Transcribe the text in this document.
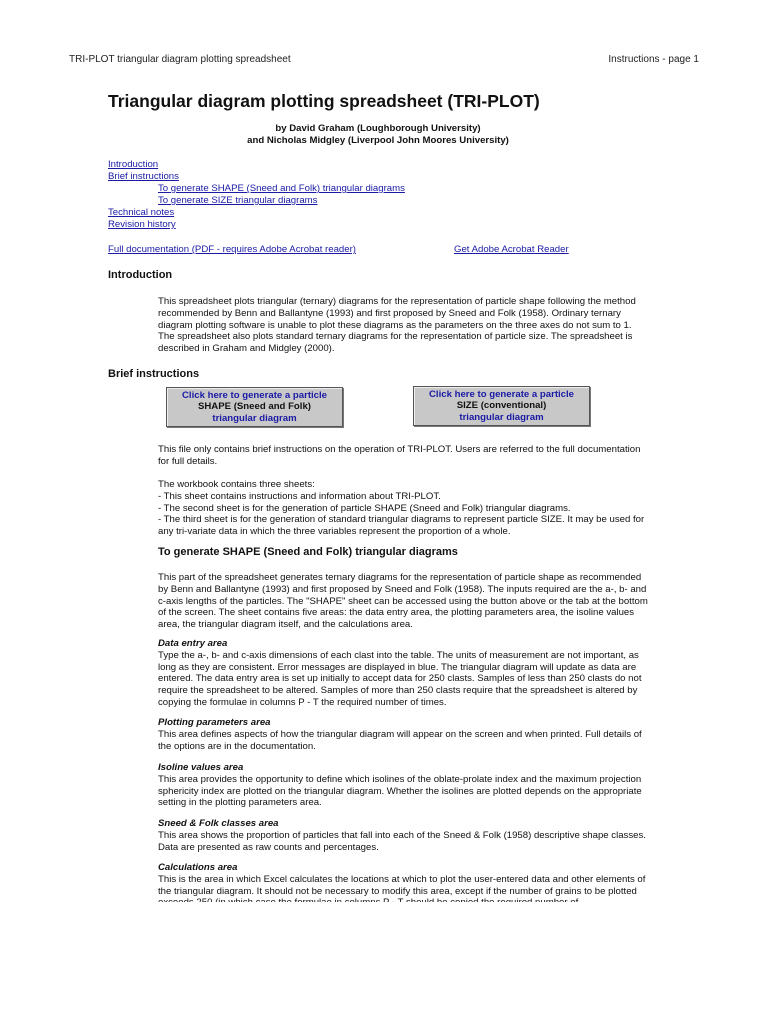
TRI-PLOT triangular diagram plotting spreadsheet	Instructions - page 1
Triangular diagram plotting spreadsheet (TRI-PLOT)
by David Graham (Loughborough University)
and Nicholas Midgley (Liverpool John Moores University)
Introduction
Brief instructions
To generate SHAPE (Sneed and Folk) triangular diagrams
To generate SIZE triangular diagrams
Technical notes
Revision history
Full documentation (PDF - requires Adobe Acrobat reader)	Get Adobe Acrobat Reader
Introduction

This spreadsheet plots triangular (ternary) diagrams for the representation of particle shape following the method recommended by Benn and Ballantyne (1993) and first proposed by Sneed and Folk (1958). Ordinary ternary diagram plotting software is unable to plot these diagrams as the parameters on the three axes do not sum to 1. The spreadsheet also plots standard ternary diagrams for the representation of particle size. The spreadsheet is described in Graham and Midgley (2000).

Brief instructions
Click here to generate a particle
SHAPE (Sneed and Folk)
triangular diagram
Click here to generate a particle
SIZE (conventional)
triangular diagram

This file only contains brief instructions on the operation of TRI-PLOT. Users are referred to the full documentation for full details.

The workbook contains three sheets:
- This sheet contains instructions and information about TRI-PLOT.
- The second sheet is for the generation of particle SHAPE (Sneed and Folk) triangular diagrams.
- The third sheet is for the generation of standard triangular diagrams to represent particle SIZE. It may be used for any tri-variate data in which the three variables represent the proportion of a whole.
To generate SHAPE (Sneed and Folk) triangular diagrams

This part of the spreadsheet generates ternary diagrams for the representation of particle shape as recommended by Benn and Ballantyne (1993) and first proposed by Sneed and Folk (1958). The inputs required are the a-, b- and c-axis lengths of the particles. The "SHAPE" sheet can be accessed using the button above or the tab at the bottom of the screen. The sheet contains five areas: the data entry area, the plotting parameters area, the isoline values area, the triangular diagram itself, and the calculations area.

Data entry area
Type the a-, b- and c-axis dimensions of each clast into the table. The units of measurement are not important, as long as they are consistent. Error messages are displayed in blue. The triangular diagram will update as data are entered. The data entry area is set up initially to accept data for 250 clasts. Samples of less than 250 clasts do not require the spreadsheet to be altered. Samples of more than 250 clasts require that the spreadsheet is altered by copying the formulae in columns P - T the required number of times.
Plotting parameters area
This area defines aspects of how the triangular diagram will appear on the screen and when printed. Full details of the options are in the documentation.
Isoline values area
This area provides the opportunity to define which isolines of the oblate-prolate index and the maximum projection sphericity index are plotted on the triangular diagram. Whether the isolines are plotted depends on the appropriate setting in the plotting parameters area.
Sneed & Folk classes area
This area shows the proportion of particles that fall into each of the Sneed & Folk (1958) descriptive shape classes. Data are presented as raw counts and percentages.
Calculations area
This is the area in which Excel calculates the locations at which to plot the user-entered data and other elements of the triangular diagram. It should not be necessary to modify this area, except if the number of grains to be plotted
